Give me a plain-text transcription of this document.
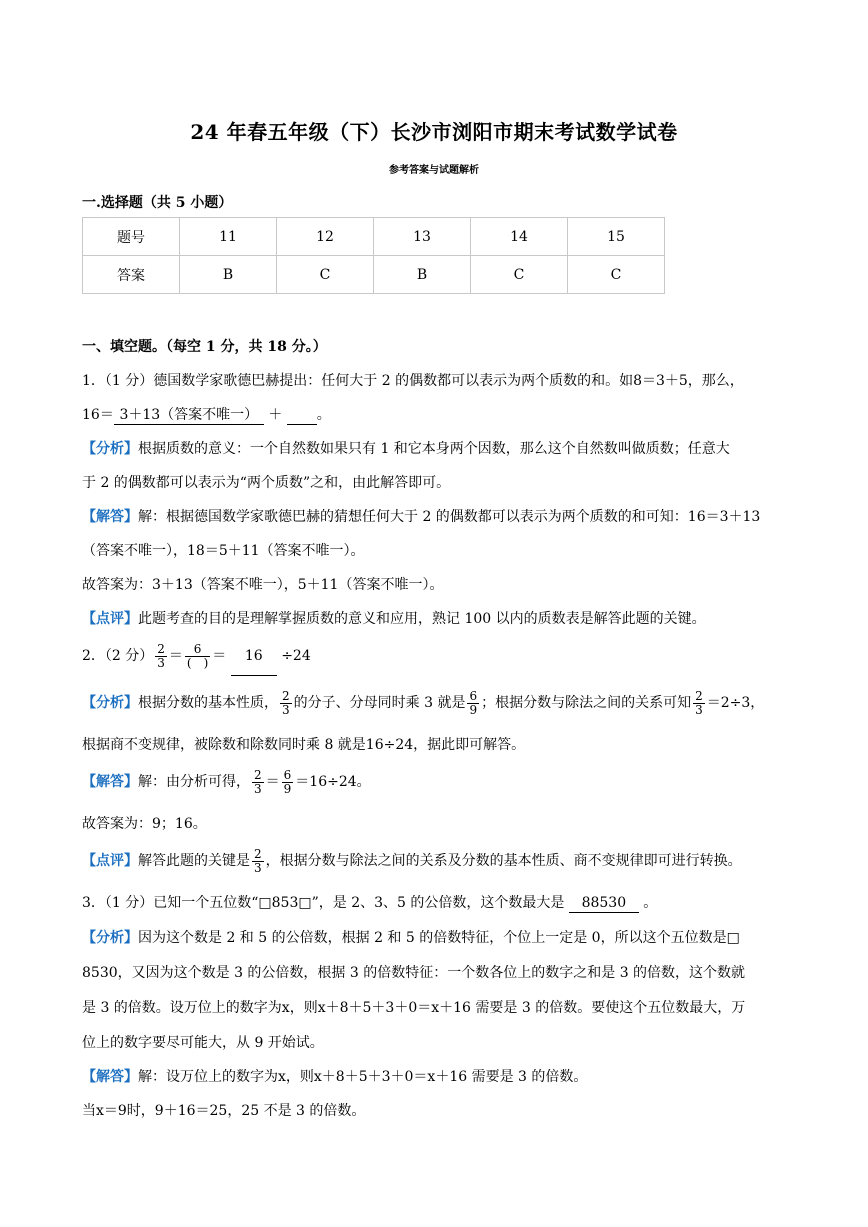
24 年春五年级（下）长沙市浏阳市期末考试数学试卷
参考答案与试题解析
一.选择题（共 5 小题）
题号	11	12	13	14	15
答案	B	C	B	C	C
一、填空题。（每空 1 分，共 18 分。）
1．（1 分）德国数学家歌德巴赫提出：任何大于 2 的偶数都可以表示为两个质数的和。如8＝3＋5，那么，
16＝ 3＋13（答案不唯一） ＋ 。
【分析】根据质数的意义：一个自然数如果只有 1 和它本身两个因数，那么这个自然数叫做质数；任意大
于 2 的偶数都可以表示为“两个质数”之和，由此解答即可。
【解答】解：根据德国数学家歌德巴赫的猜想任何大于 2 的偶数都可以表示为两个质数的和可知：16＝3＋13
（答案不唯一），18＝5＋11（答案不唯一）。
故答案为：3＋13（答案不唯一），5＋11（答案不唯一）。
【点评】此题考查的目的是理解掌握质数的意义和应用，熟记 100 以内的质数表是解答此题的关键。
2．（2 分） $\frac{2}{3} = \frac{6}{( )} = 16 \div 24$
【分析】根据分数的基本性质， $\frac{2}{3}$ 的分子、分母同时乘 3 就是 $\frac{6}{9}$ ；根据分数与除法之间的关系可知 $\frac{2}{3} =2\div 3$，
根据商不变规律，被除数和除数同时乘 8 就是16÷24，据此即可解答。
【解答】解：由分析可得， $\frac{2}{3} = \frac{6}{9} =16\div 24$。
故答案为：9；16。
【点评】解答此题的关键是 $\frac{2}{3}$ ，根据分数与除法之间的关系及分数的基本性质、商不变规律即可进行转换。
3．（1 分）已知一个五位数“□853□”，是 2、3、5 的公倍数，这个数最大是 88530 。
【分析】因为这个数是 2 和 5 的公倍数，根据 2 和 5 的倍数特征，个位上一定是 0，所以这个五位数是□
8530，又因为这个数是 3 的公倍数，根据 3 的倍数特征：一个数各位上的数字之和是 3 的倍数，这个数就
是 3 的倍数。设万位上的数字为x，则x＋8＋5＋3＋0＝x＋16 需要是 3 的倍数。要使这个五位数最大，万
位上的数字要尽可能大，从 9 开始试。
【解答】解：设万位上的数字为x，则x＋8＋5＋3＋0＝x＋16 需要是 3 的倍数。
当x＝9时，9＋16＝25，25 不是 3 的倍数。
